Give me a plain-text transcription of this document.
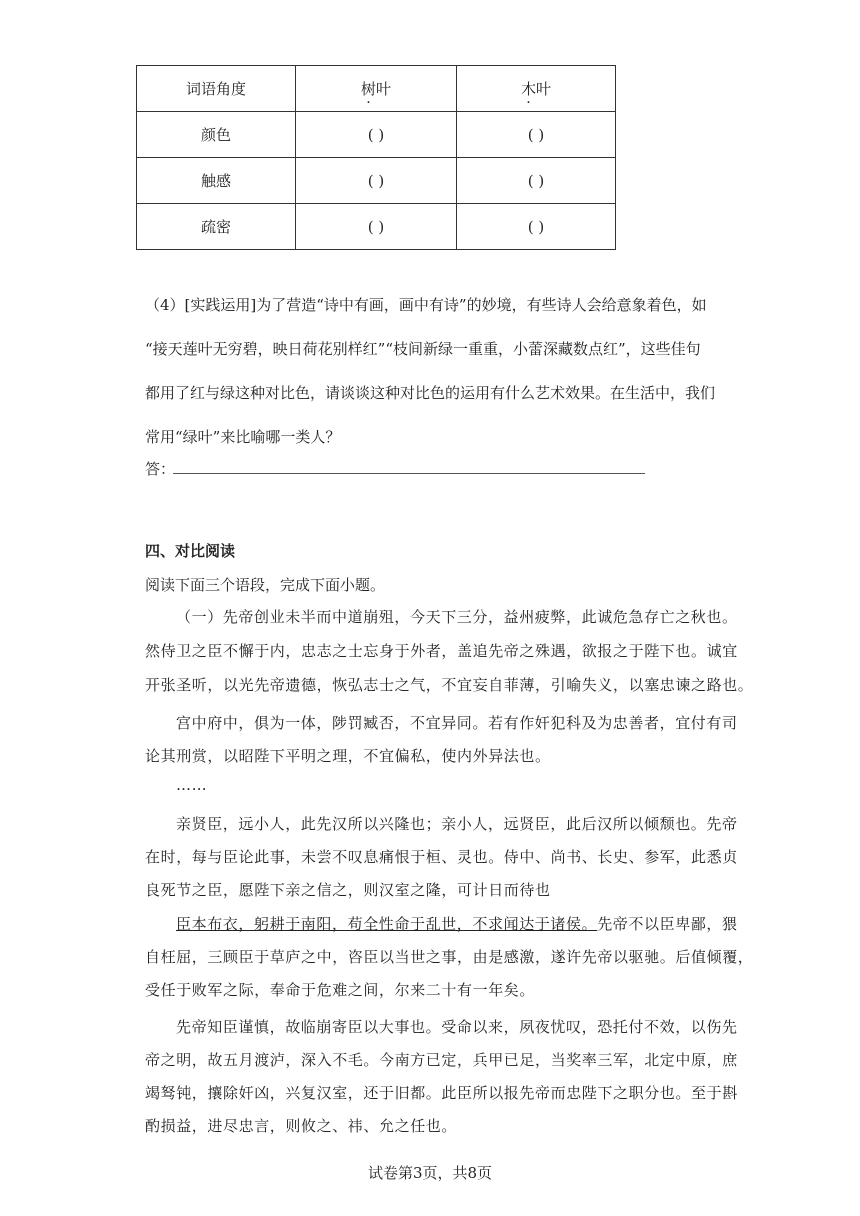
词语角度	树叶	木叶
颜色	( )	( )
触感	( )	( )
疏密	( )	( )
（4）[实践运用]为了营造“诗中有画，画中有诗”的妙境，有些诗人会给意象着色，如
“接天莲叶无穷碧，映日荷花别样红”“枝间新绿一重重，小蕾深藏数点红”，这些佳句
都用了红与绿这种对比色，请谈谈这种对比色的运用有什么艺术效果。在生活中，我们
常用“绿叶”来比喻哪一类人？
答：
四、对比阅读
阅读下面三个语段，完成下面小题。
（一）先帝创业未半而中道崩殂，今天下三分，益州疲弊，此诚危急存亡之秋也。
然侍卫之臣不懈于内，忠志之士忘身于外者，盖追先帝之殊遇，欲报之于陛下也。诚宜
开张圣听，以光先帝遗德，恢弘志士之气，不宜妄自菲薄，引喻失义，以塞忠谏之路也。
宫中府中，俱为一体，陟罚臧否，不宜异同。若有作奸犯科及为忠善者，宜付有司
论其刑赏，以昭陛下平明之理，不宜偏私，使内外异法也。
……
亲贤臣，远小人，此先汉所以兴隆也；亲小人，远贤臣，此后汉所以倾颓也。先帝
在时，每与臣论此事，未尝不叹息痛恨于桓、灵也。侍中、尚书、长史、参军，此悉贞
良死节之臣，愿陛下亲之信之，则汉室之隆，可计日而待也
臣本布衣，躬耕于南阳，苟全性命于乱世，不求闻达于诸侯。先帝不以臣卑鄙，猥
自枉屈，三顾臣于草庐之中，咨臣以当世之事，由是感激，遂许先帝以驱驰。后值倾覆，
受任于败军之际，奉命于危难之间，尔来二十有一年矣。
先帝知臣谨慎，故临崩寄臣以大事也。受命以来，夙夜忧叹，恐托付不效，以伤先
帝之明，故五月渡泸，深入不毛。今南方已定，兵甲已足，当奖率三军，北定中原，庶
竭驽钝，攘除奸凶，兴复汉室，还于旧都。此臣所以报先帝而忠陛下之职分也。至于斟
酌损益，进尽忠言，则攸之、祎、允之任也。
试卷第3页，共8页
